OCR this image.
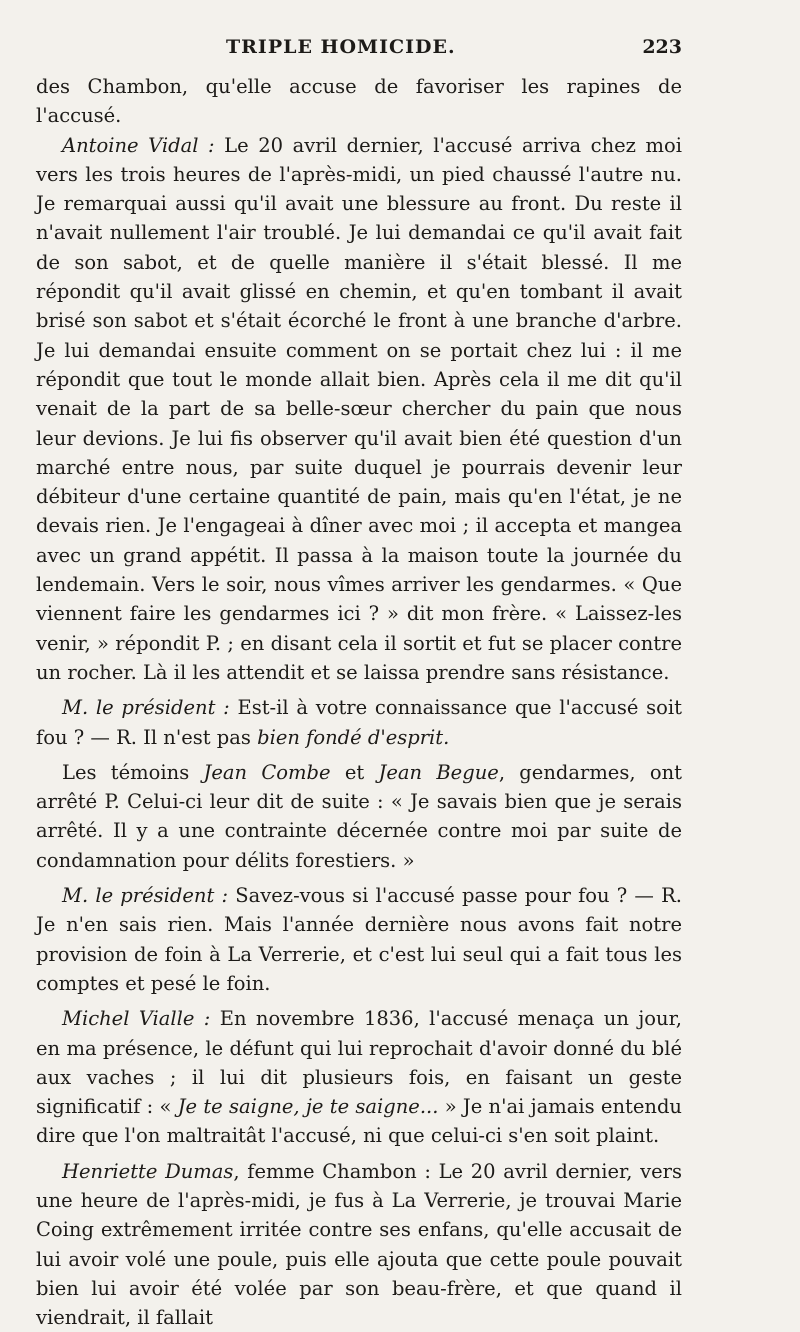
TRIPLE HOMICIDE.	223

des Chambon, qu'elle accuse de favoriser les rapines de l'accusé.

Antoine Vidal : Le 20 avril dernier, l'accusé arriva chez moi vers les trois heures de l'après-midi, un pied chaussé l'autre nu. Je remarquai aussi qu'il avait une blessure au front. Du reste il n'avait nullement l'air troublé. Je lui demandai ce qu'il avait fait de son sabot, et de quelle manière il s'était blessé. Il me répondit qu'il avait glissé en chemin, et qu'en tombant il avait brisé son sabot et s'était écorché le front à une branche d'arbre. Je lui demandai ensuite comment on se portait chez lui : il me répondit que tout le monde allait bien. Après cela il me dit qu'il venait de la part de sa belle-sœur chercher du pain que nous leur devions. Je lui fis observer qu'il avait bien été question d'un marché entre nous, par suite duquel je pourrais devenir leur débiteur d'une certaine quantité de pain, mais qu'en l'état, je ne devais rien. Je l'engageai à dîner avec moi ; il accepta et mangea avec un grand appétit. Il passa à la maison toute la journée du lendemain. Vers le soir, nous vîmes arriver les gendarmes. « Que viennent faire les gendarmes ici ? » dit mon frère. « Laissez-les venir, » répondit P. ; en disant cela il sortit et fut se placer contre un rocher. Là il les attendit et se laissa prendre sans résistance.

M. le président : Est-il à votre connaissance que l'accusé soit fou ? — R. Il n'est pas bien fondé d'esprit.

Les témoins Jean Combe et Jean Begue, gendarmes, ont arrêté P. Celui-ci leur dit de suite : « Je savais bien que je serais arrêté. Il y a une contrainte décernée contre moi par suite de condamnation pour délits forestiers. »

M. le président : Savez-vous si l'accusé passe pour fou ? — R. Je n'en sais rien. Mais l'année dernière nous avons fait notre provision de foin à La Verrerie, et c'est lui seul qui a fait tous les comptes et pesé le foin.

Michel Vialle : En novembre 1836, l'accusé menaça un jour, en ma présence, le défunt qui lui reprochait d'avoir donné du blé aux vaches ; il lui dit plusieurs fois, en faisant un geste significatif : « Je te saigne, je te saigne... » Je n'ai jamais entendu dire que l'on maltraitât l'accusé, ni que celui-ci s'en soit plaint.

Henriette Dumas, femme Chambon : Le 20 avril dernier, vers une heure de l'après-midi, je fus à La Verrerie, je trouvai Marie Coing extrêmement irritée contre ses enfans, qu'elle accusait de lui avoir volé une poule, puis elle ajouta que cette poule pouvait bien lui avoir été volée par son beau-frère, et que quand il viendrait, il fallait
